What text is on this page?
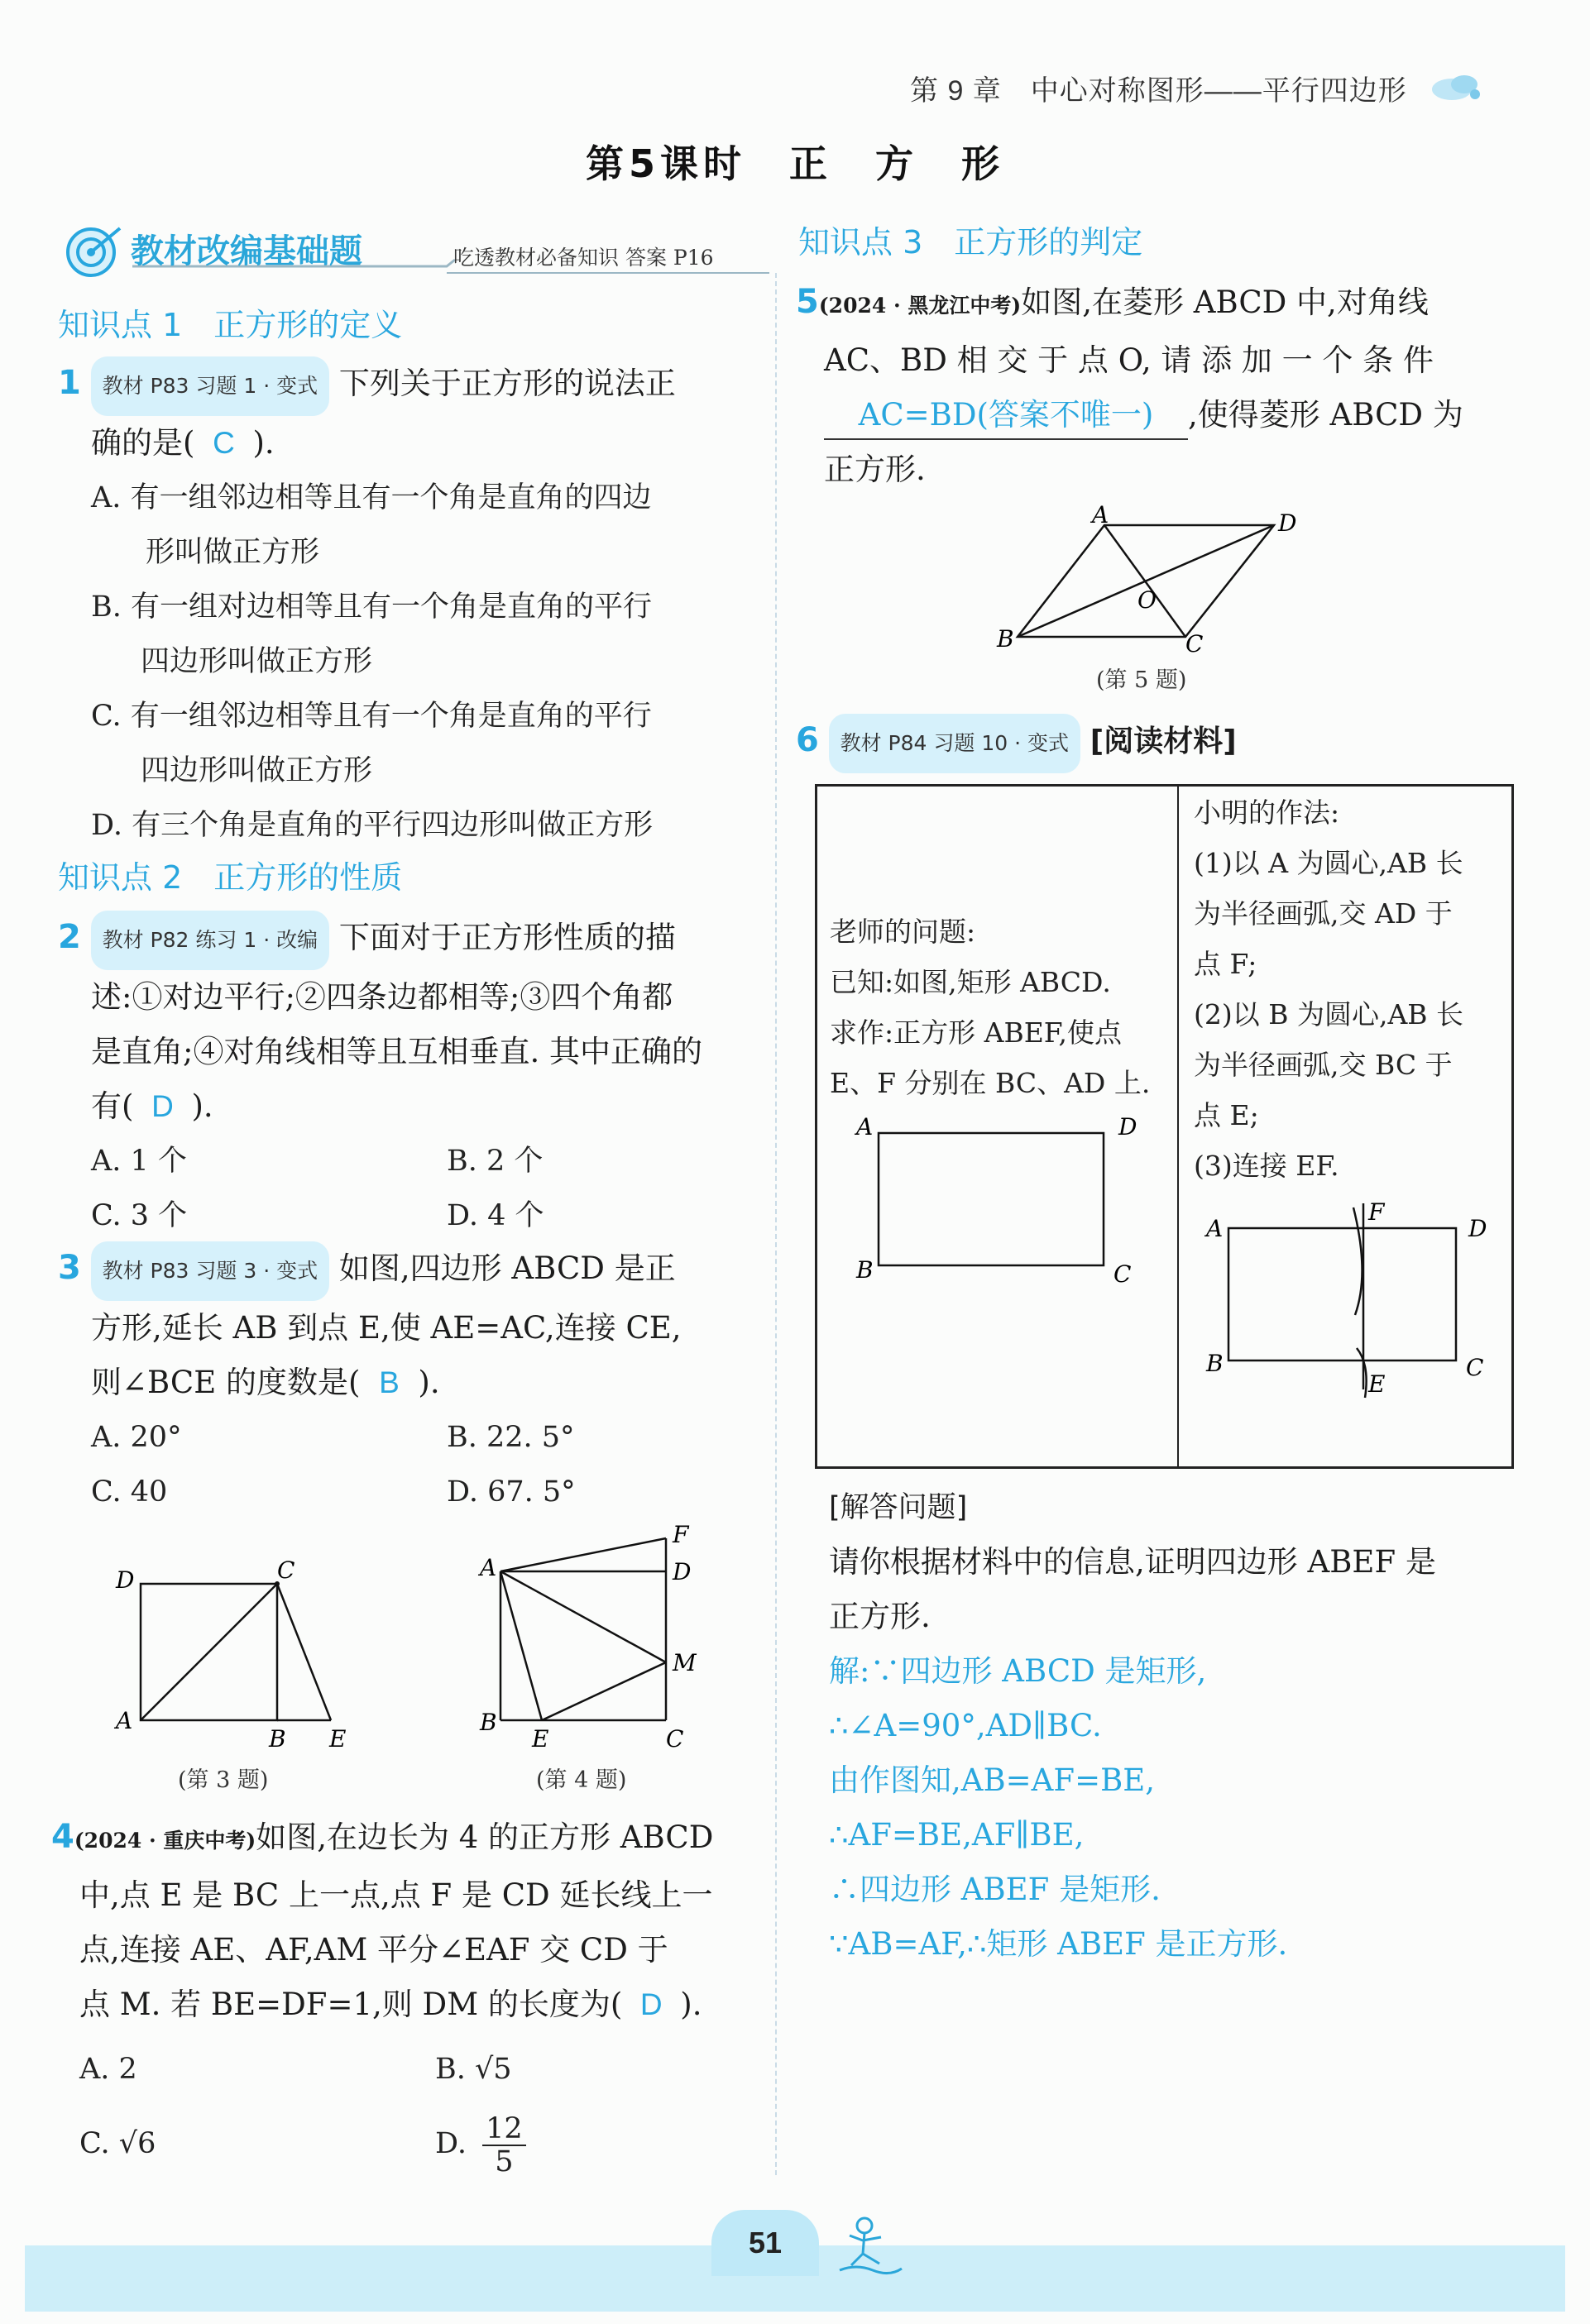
第 9 章　中心对称图形——平行四边形
第5课时　正　方　形
教材改编基础题	吃透教材必备知识 答案 P16
知识点 1　正方形的定义
1 教材 P83 习题 1 · 变式 下列关于正方形的说法正
确的是( C ).
A. 有一组邻边相等且有一个角是直角的四边
形叫做正方形
B. 有一组对边相等且有一个角是直角的平行
四边形叫做正方形
C. 有一组邻边相等且有一个角是直角的平行
四边形叫做正方形
D. 有三个角是直角的平行四边形叫做正方形
知识点 2　正方形的性质
2 教材 P82 练习 1 · 改编 下面对于正方形性质的描
述:①对边平行;②四条边都相等;③四个角都
是直角;④对角线相等且互相垂直. 其中正确的
有( D ).
A. 1 个	B. 2 个
C. 3 个	D. 4 个
3 教材 P83 习题 3 · 变式 如图,四边形 ABCD 是正
方形,延长 AB 到点 E,使 AE=AC,连接 CE,
则∠BCE 的度数是( B ).
A. 20°	B. 22. 5°
C. 40	D. 67. 5°
D	C
A
B E
(第 3 题)
F
D
A
M
B
E	C
(第 4 题)
4(2024 · 重庆中考)如图,在边长为 4 的正方形 ABCD
中,点 E 是 BC 上一点,点 F 是 CD 延长线上一
点,连接 AE、AF,AM 平分∠EAF 交 CD 于
点 M. 若 BE=DF=1,则 DM 的长度为( D ).
A. 2	B. √5
C. √6	D. $\frac{12}{5}$
知识点 3　正方形的判定
5(2024 · 黑龙江中考)如图,在菱形 ABCD 中,对角线
AC、BD 相 交 于 点 O, 请 添 加 一 个 条 件
AC=BD(答案不唯一) ,使得菱形 ABCD 为
正方形.
A	D
B	C
O
(第 5 题)
6 教材 P84 习题 10 · 变式 [阅读材料]
老师的问题:
已知:如图,矩形 ABCD.
求作:正方形 ABEF,使点
E、F 分别在 BC、AD 上.
A	D
B	C
小明的作法:
(1)以 A 为圆心,AB 长
为半径画弧,交 AD 于
点 F;
(2)以 B 为圆心,AB 长
为半径画弧,交 BC 于
点 E;
(3)连接 EF.
A
F
D
B
E
C
[解答问题]
请你根据材料中的信息,证明四边形 ABEF 是
正方形.
解:∵四边形 ABCD 是矩形,
∴∠A=90°,AD∥BC.
由作图知,AB=AF=BE,
∴AF=BE,AF∥BE,
∴四边形 ABEF 是矩形.
∵AB=AF,∴矩形 ABEF 是正方形.
51
